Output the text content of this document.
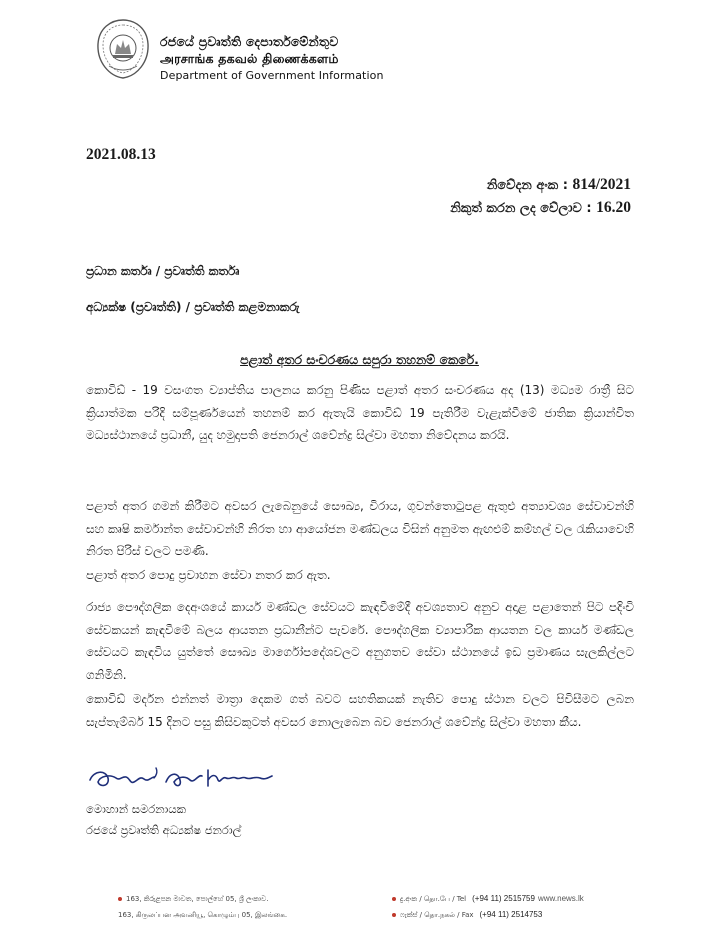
රජයේ ප්‍රවෘත්ති දෙපාර්තමේන්තුව
அரசாங்க தகவல் திணைக்களம்
Department of Government Information
2021.08.13
නිවේදන අංක : 814/2021
නිකුත් කරන ලද වේලාව : 16.20
ප්‍රධාන කර්තෘ / ප්‍රවෘත්ති කර්තෘ
අධ්‍යක්ෂ (ප්‍රවෘත්ති) / ප්‍රවෘත්ති කළමනාකරු
පළාත් අතර සංචරණය සපුරා තහනම් කෙරේ.

කොවිඩ් - 19 වසංගත ව්‍යාප්තිය පාලනය කරනු පිණිස පළාත් අතර සංචරණය අද (13) මධ්‍යම රාත්‍රී සිට ක්‍රියාත්මක පරිදි සම්පූර්ණයෙන් තහනම් කර ඇතැයි කොවිඩ් 19 පැතිරීම වැළැක්වීමේ ජාතික ක්‍රියාන්විත මධ්‍යස්ථානයේ ප්‍රධානී, යුද හමුදාපති ජෙනරාල් ශවේන්ද්‍ර සිල්වා මහතා නිවේදනය කරයි.

පළාත් අතර ගමන් කිරීමට අවසර ලැබෙනුයේ සෞඛ්‍ය, විරාය, ගුවන්තොටුපළ ඇතුළු අත්‍යාවශ්‍ය සේවාවන්හි සහ කෘෂි කර්මාන්ත සේවාවන්හි නිරත හා ආයෝජන මණ්ඩලය විසින් අනුමත ඇඟළුම් කම්හල් වල රැකියාවෙහි නිරත පිරිස් වලට පමණි.

පළාත් අතර පොදු ප්‍රවාහන සේවා නතර කර ඇත.

රාජ්‍ය පෞද්ගලික දෙඅංශයේ කාර්ය මණ්ඩල සේවයට කැඳවීමේදී අවශ්‍යතාව අනුව අදාළ පළාතෙන් පිට පදිංචි සේවකයන් කැඳවීමේ බලය ආයතන ප්‍රධානීන්ට පැවරේ. පෞද්ගලික ව්‍යාපාරික ආයතන වල කාර්ය මණ්ඩල සේවයට කැඳවිය යුත්තේ සෞඛ්‍ය මාර්ගෝපදේශවලට අනුගතව සේවා ස්ථානයේ ඉඩ ප්‍රමාණය සැලකිල්ලට ගනිමිනි.

කොවිඩ් මර්දන එන්නත් මාත්‍රා දෙකම ගත් බවට සහතිකයක් නැතිව පොදු ස්ථාන වලට පිවිසීමට ලබන සැප්තැම්බර් 15 දිනට පසු කිසිවකුටත් අවසර නොලැබෙන බව ජෙනරාල් ශවේන්ද්‍ර සිල්වා මහතා කීය.

මොහාන් සමරනායක
රජයේ ප්‍රවෘත්ති අධ්‍යක්ෂ ජනරාල්
163, කිරුළපන මාවත, පොල්හේ 05, ශ්‍රී ලංකාව.
163, கிருலப்பன அவனியூ, கொழும்பு 05, இலங்கை.
දු.අංක / தொ.பே / Tel (+94 11) 2515759
ෆැක්ස් / தொ.நகல் / Fax (+94 11) 2514753
www.news.lk
